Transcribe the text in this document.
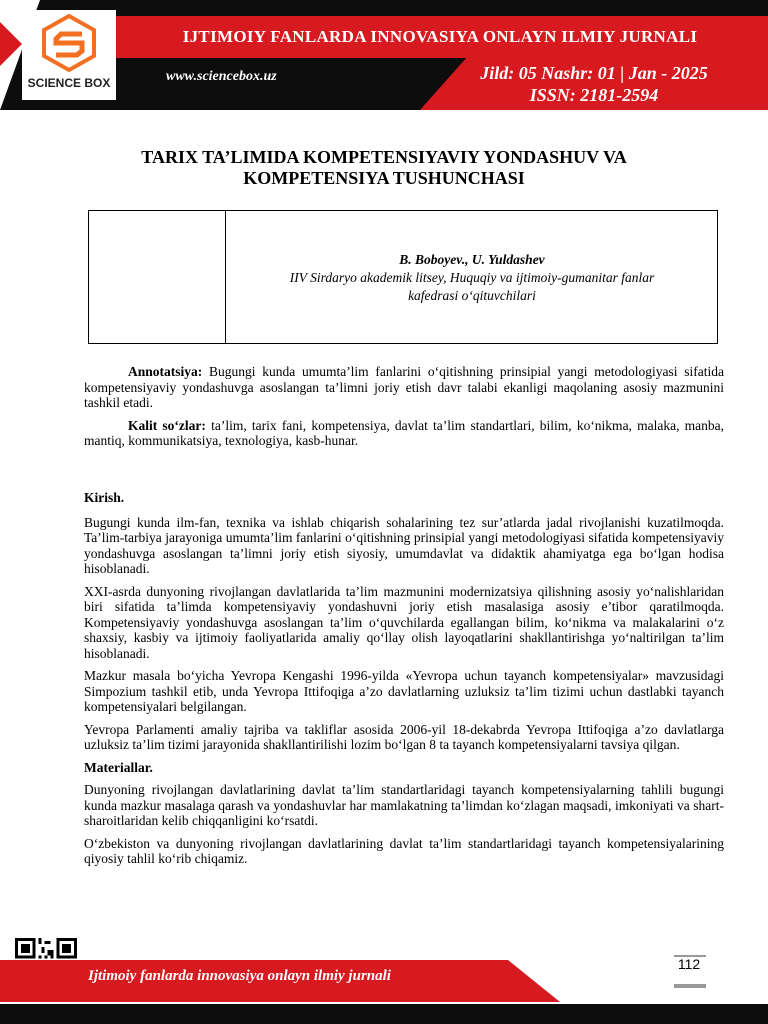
SCIENCE BOX
IJTIMOIY FANLARDA INNOVASIYA ONLAYN ILMIY JURNALI
www.sciencebox.uz	Jild: 05 Nashr: 01 | Jan - 2025
ISSN: 2181-2594
TARIX TA’LIMIDA KOMPETENSIYAVIY YONDASHUV VA
KOMPETENSIYA TUSHUNCHASI
B. Boboyev., U. Yuldashev
IIV Sirdaryo akademik litsey, Huquqiy va ijtimoiy-gumanitar fanlar
kafedrasi o‘qituvchilari

Annotatsiya: Bugungi kunda umumta’lim fanlarini o‘qitishning prinsipial yangi metodologiyasi sifatida kompetensiyaviy yondashuvga asoslangan ta’limni joriy etish davr talabi ekanligi maqolaning asosiy mazmunini tashkil etadi.

Kalit so‘zlar: ta’lim, tarix fani, kompetensiya, davlat ta’lim standartlari, bilim, ko‘nikma, malaka, manba, mantiq, kommunikatsiya, texnologiya, kasb-hunar.

Kirish.

Bugungi kunda ilm-fan, texnika va ishlab chiqarish sohalarining tez sur’atlarda jadal rivojlanishi kuzatilmoqda. Ta’lim-tarbiya jarayoniga umumta’lim fanlarini o‘qitishning prinsipial yangi metodologiyasi sifatida kompetensiyaviy yondashuvga asoslangan ta’limni joriy etish siyosiy, umumdavlat va didaktik ahamiyatga ega bo‘lgan hodisa hisoblanadi.

XXI-asrda dunyoning rivojlangan davlatlarida ta’lim mazmunini modernizatsiya qilishning asosiy yo‘nalishlaridan biri sifatida ta’limda kompetensiyaviy yondashuvni joriy etish masalasiga asosiy e’tibor qaratilmoqda. Kompetensiyaviy yondashuvga asoslangan ta’lim o‘quvchilarda egallangan bilim, ko‘nikma va malakalarini o‘z shaxsiy, kasbiy va ijtimoiy faoliyatlarida amaliy qo‘llay olish layoqatlarini shakllantirishga yo‘naltirilgan ta’lim hisoblanadi.

Mazkur masala bo‘yicha Yevropa Kengashi 1996-yilda «Yevropa uchun tayanch kompetensiyalar» mavzusidagi Simpozium tashkil etib, unda Yevropa Ittifoqiga a’zo davlatlarning uzluksiz ta’lim tizimi uchun dastlabki tayanch kompetensiyalari belgilangan.

Yevropa Parlamenti amaliy tajriba va takliflar asosida 2006-yil 18-dekabrda Yevropa Ittifoqiga a’zo davlatlarga uzluksiz ta’lim tizimi jarayonida shakllantirilishi lozim bo‘lgan 8 ta tayanch kompetensiyalarni tavsiya qilgan.

Materiallar.

Dunyoning rivojlangan davlatlarining davlat ta’lim standartlaridagi tayanch kompetensiyalarning tahlili bugungi kunda mazkur masalaga qarash va yondashuvlar har mamlakatning ta’limdan ko‘zlagan maqsadi, imkoniyati va shart-sharoitlaridan kelib chiqqanligini ko‘rsatdi.

O‘zbekiston va dunyoning rivojlangan davlatlarining davlat ta’lim standartlaridagi tayanch kompetensiyalarining qiyosiy tahlil ko‘rib chiqamiz.

Ijtimoiy fanlarda innovasiya onlayn ilmiy jurnali
112
